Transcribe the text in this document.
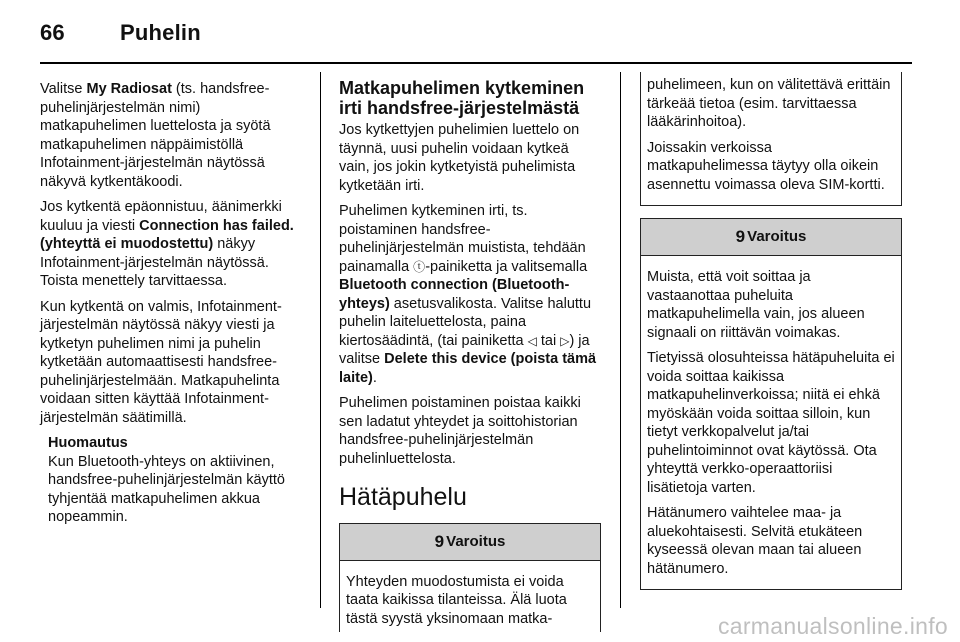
66	Puhelin

Valitse My Radiosat (ts. handsfree-puhelinjärjestelmän nimi) matkapuhelimen luettelosta ja syötä matkapuhelimen näppäimistöllä Infotainment-järjestelmän näytössä näkyvä kytkentäkoodi.

Jos kytkentä epäonnistuu, äänimerkki kuuluu ja viesti Connection has failed. (yhteyttä ei muodostettu) näkyy Infotainment-järjestelmän näytössä. Toista menettely tarvittaessa.

Kun kytkentä on valmis, Infotainment-järjestelmän näytössä näkyy viesti ja kytketyn puhelimen nimi ja puhelin kytketään automaattisesti handsfree-puhelinjärjestelmään. Matkapuhelinta voidaan sitten käyttää Infotainment-järjestelmän säätimillä.

Huomautus
Kun Bluetooth-yhteys on aktiivinen, handsfree-puhelinjärjestelmän käyttö tyhjentää matkapuhelimen akkua nopeammin.
Matkapuhelimen kytkeminen irti handsfree-järjestelmästä

Jos kytkettyjen puhelimien luettelo on täynnä, uusi puhelin voidaan kytkeä vain, jos jokin kytketyistä puhelimista kytketään irti.

Puhelimen kytkeminen irti, ts. poistaminen handsfree-puhelinjärjestelmän muistista, tehdään painamalla ⓣ-painiketta ja valitsemalla Bluetooth connection (Bluetooth-yhteys) asetusvalikosta. Valitse haluttu puhelin laiteluettelosta, paina kiertosäädintä, (tai painiketta ◁ tai ▷) ja valitse Delete this device (poista tämä laite).

Puhelimen poistaminen poistaa kaikki sen ladatut yhteydet ja soittohistorian handsfree-puhelinjärjestelmän puhelinluettelosta.

Hätäpuhelu
9 Varoitus
Yhteyden muodostumista ei voida taata kaikissa tilanteissa. Älä luota tästä syystä yksinomaan matka-

puhelimeen, kun on välitettävä erittäin tärkeää tietoa (esim. tarvittaessa lääkärinhoitoa).

Joissakin verkoissa matkapuhelimessa täytyy olla oikein asennettu voimassa oleva SIM-kortti.

9 Varoitus

Muista, että voit soittaa ja vastaanottaa puheluita matkapuhelimella vain, jos alueen signaali on riittävän voimakas.

Tietyissä olosuhteissa hätäpuheluita ei voida soittaa kaikissa matkapuhelinverkoissa; niitä ei ehkä myöskään voida soittaa silloin, kun tietyt verkkopalvelut ja/tai puhelintoiminnot ovat käytössä. Ota yhteyttä verkko-operaattoriisi lisätietoja varten.

Hätänumero vaihtelee maa- ja aluekohtaisesti. Selvitä etukäteen kyseessä olevan maan tai alueen hätänumero.

carmanualsonline.info
